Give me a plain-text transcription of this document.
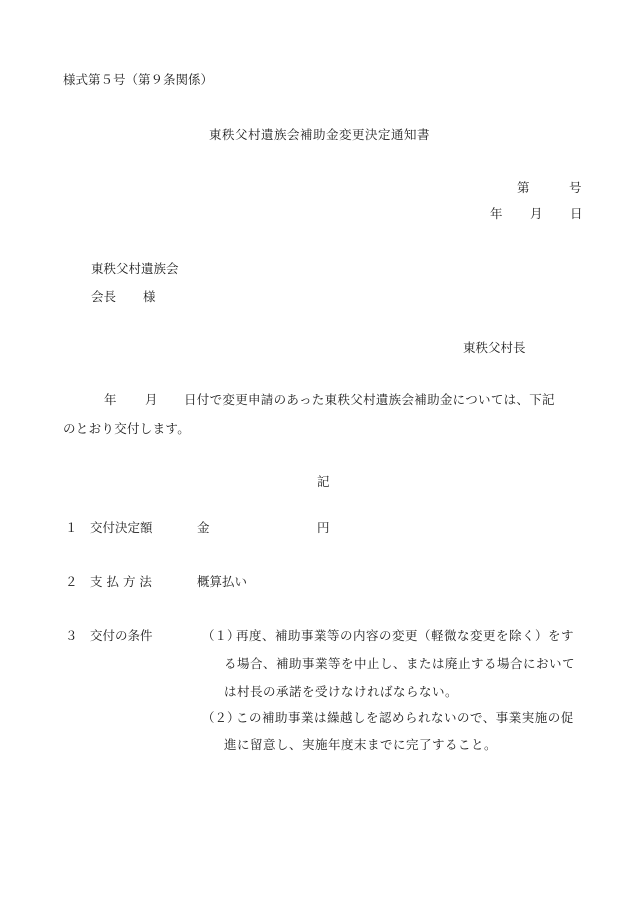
様式第５号（第９条関係）
東秩父村遺族会補助金変更決定通知書
第	号
年 月 日
東秩父村遺族会
会長 様
東秩父村長
年 月 日付で変更申請のあった東秩父村遺族会補助金については、下記
のとおり交付します。
記
１ 交付決定額	金	円
２ 支 払 方 法	概算払い
３ 交付の条件	（１）
再度、補助事業等の内容の変更（軽微な変更を除く）をす
る場合、補助事業等を中止し、または廃止する場合において
は村長の承諾を受けなければならない。
（２）
この補助事業は繰越しを認められないので、事業実施の促
進に留意し、実施年度末までに完了すること。
